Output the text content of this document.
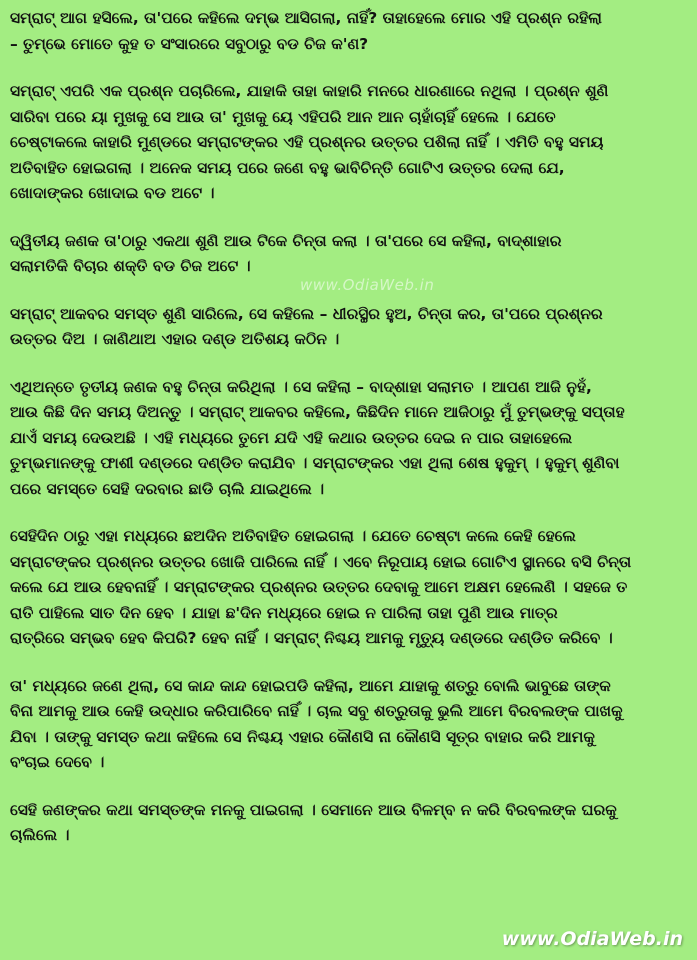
ସମ୍ରାଟ୍ ଆଗ ହସିଲେ, ତା'ପରେ କହିଲେ ଦମ୍ଭ ଆସିଗଲା, ନାହିଁ? ତାହାହେଲେ ମୋର ଏହି ପ୍ରଶ୍ନ ରହିଲା
– ତୁମ୍ଭେ ମୋତେ କୁହ ତ ସଂସାରରେ ସବୁଠାରୁ ବଡ ଚିଜ କ'ଣ?

ସମ୍ରାଟ୍ ଏପରି ଏକ ପ୍ରଶ୍ନ ପଚାରିଲେ, ଯାହାକି ତାହା କାହାରି ମନରେ ଧାରଣାରେ ନଥିଲା । ପ୍ରଶ୍ନ ଶୁଣି
ସାରିବା ପରେ ୟା ମୁଖକୁ ସେ ଆଉ ତା' ମୁଖକୁ ୟେ ଏହିପରି ଆନ ଆନ ଚାହାଁଚାହିଁ ହେଲେ । ଯେତେ
ଚେଷ୍ଟାକଲେ କାହାରି ମୁଣ୍ଡରେ ସମ୍ରାଟଙ୍କର ଏହି ପ୍ରଶ୍ନର ଉତ୍ତର ପଶିଲା ନାହିଁ । ଏମିତି ବହୁ ସମୟ
ଅତିବାହିତ ହୋଇଗଲା । ଅନେକ ସମୟ ପରେ ଜଣେ ବହୁ ଭାବିଚିନ୍ତି ଗୋଟିଏ ଉତ୍ତର ଦେଲା ଯେ,
ଖୋଦାଙ୍କର ଖୋଦାଇ ବଡ ଅଟେ ।

ଦ୍ୱିତୀୟ ଜଣକ ତା'ଠାରୁ ଏକଥା ଶୁଣି ଆଉ ଟିକେ ଚିନ୍ତା କଲା । ତା'ପରେ ସେ କହିଲା, ବାଦ୍ଶାହାର
ସଲାମତିକି ବିଚାର ଶକ୍ତି ବଡ ଚିଜ ଅଟେ ।

ସମ୍ରାଟ୍ ଆକବର ସମସ୍ତ ଶୁଣି ସାରିଲେ, ସେ କହିଲେ – ଧୀରସ୍ଥିର ହୁଅ, ଚିନ୍ତା କର, ତା'ପରେ ପ୍ରଶ୍ନର
ଉତ୍ତର ଦିଅ । ଜାଣିଥାଅ ଏହାର ଦଣ୍ଡ ଅତିଶୟ କଠିନ ।

ଏଥିଅନ୍ତେ ତୃତୀୟ ଜଣକ ବହୁ ଚିନ୍ତା କରିଥିଲା । ସେ କହିଲା – ବାଦ୍ଶାହା ସଲାମତ । ଆପଣ ଆଜି ନୁହଁ,
ଆଉ କିଛି ଦିନ ସମୟ ଦିଅନ୍ତୁ । ସମ୍ରାଟ୍ ଆକବର କହିଲେ, କିଛିଦିନ ମାନେ ଆଜିଠାରୁ ମୁଁ ତୁମ୍ଭଙ୍କୁ ସପ୍ତାହ
ଯାଏଁ ସମୟ ଦେଉଅଛି । ଏହି ମଧ୍ୟରେ ତୁମେ ଯଦି ଏହି କଥାର ଉତ୍ତର ଦେଇ ନ ପାର ତାହାହେଲେ
ତୁମ୍ଭମାନଙ୍କୁ ଫାଶୀ ଦଣ୍ଡରେ ଦଣ୍ଡିତ କରାଯିବ । ସମ୍ରାଟଙ୍କର ଏହା ଥିଲା ଶେଷ ହୁକୁମ୍ । ହୁକୁମ୍ ଶୁଣିବା
ପରେ ସମସ୍ତେ ସେହି ଦରବାର ଛାଡି ଚାଲି ଯାଇଥିଲେ ।

ସେହିଦିନ ଠାରୁ ଏହା ମଧ୍ୟରେ ଛଅଦିନ ଅତିବାହିତ ହୋଇଗଲା । ଯେତେ ଚେଷ୍ଟା କଲେ କେହି ହେଲେ
ସମ୍ରାଟଙ୍କର ପ୍ରଶ୍ନର ଉତ୍ତର ଖୋଜି ପାରିଲେ ନାହିଁ । ଏବେ ନିରୂପାୟ ହୋଇ ଗୋଟିଏ ସ୍ଥାନରେ ବସି ଚିନ୍ତା
କଲେ ଯେ ଆଉ ହେବନାହିଁ । ସମ୍ରାଟଙ୍କର ପ୍ରଶ୍ନର ଉତ୍ତର ଦେବାକୁ ଆମେ ଅକ୍ଷମ ହେଲେଣି । ସହଜେ ତ
ରାତି ପାହିଲେ ସାତ ଦିନ ହେବ । ଯାହା ଛ'ଦିନ ମଧ୍ୟରେ ହୋଇ ନ ପାରିଲା ତାହା ପୁଣି ଆଉ ମାତ୍ର
ରାତ୍ରିରେ ସମ୍ଭବ ହେବ କିପରି? ହେବ ନାହିଁ । ସମ୍ରାଟ୍ ନିଶ୍ଚୟ ଆମକୁ ମୃତ୍ୟୁ ଦଣ୍ଡରେ ଦଣ୍ଡିତ କରିବେ ।

ତା' ମଧ୍ୟରେ ଜଣେ ଥିଲା, ସେ କାନ୍ଦ କାନ୍ଦ ହୋଇପଡି କହିଲା, ଆମେ ଯାହାକୁ ଶତ୍ରୁ ବୋଲି ଭାବୁଛେ ତାଙ୍କ
ବିନା ଆମକୁ ଆଉ କେହି ଉଦ୍ଧାର କରିପାରିବେ ନାହିଁ । ଚାଲ ସବୁ ଶତ୍ରୁତାକୁ ଭୁଲି ଆମେ ବିରବଲଙ୍କ ପାଖକୁ
ଯିବା । ତାଙ୍କୁ ସମସ୍ତ କଥା କହିଲେ ସେ ନିଶ୍ଚୟ ଏହାର କୌଣସି ନା କୌଣସି ସୂତ୍ର ବାହାର କରି ଆମକୁ
ବଂଚାଇ ଦେବେ ।

ସେହି ଜଣଙ୍କର କଥା ସମସ୍ତଙ୍କ ମନକୁ ପାଇଗଲା । ସେମାନେ ଆଉ ବିଳମ୍ବ ନ କରି ବିରବଲଙ୍କ ଘରକୁ
ଚାଲିଲେ ।

www.OdiaWeb.in
www.OdiaWeb.in
